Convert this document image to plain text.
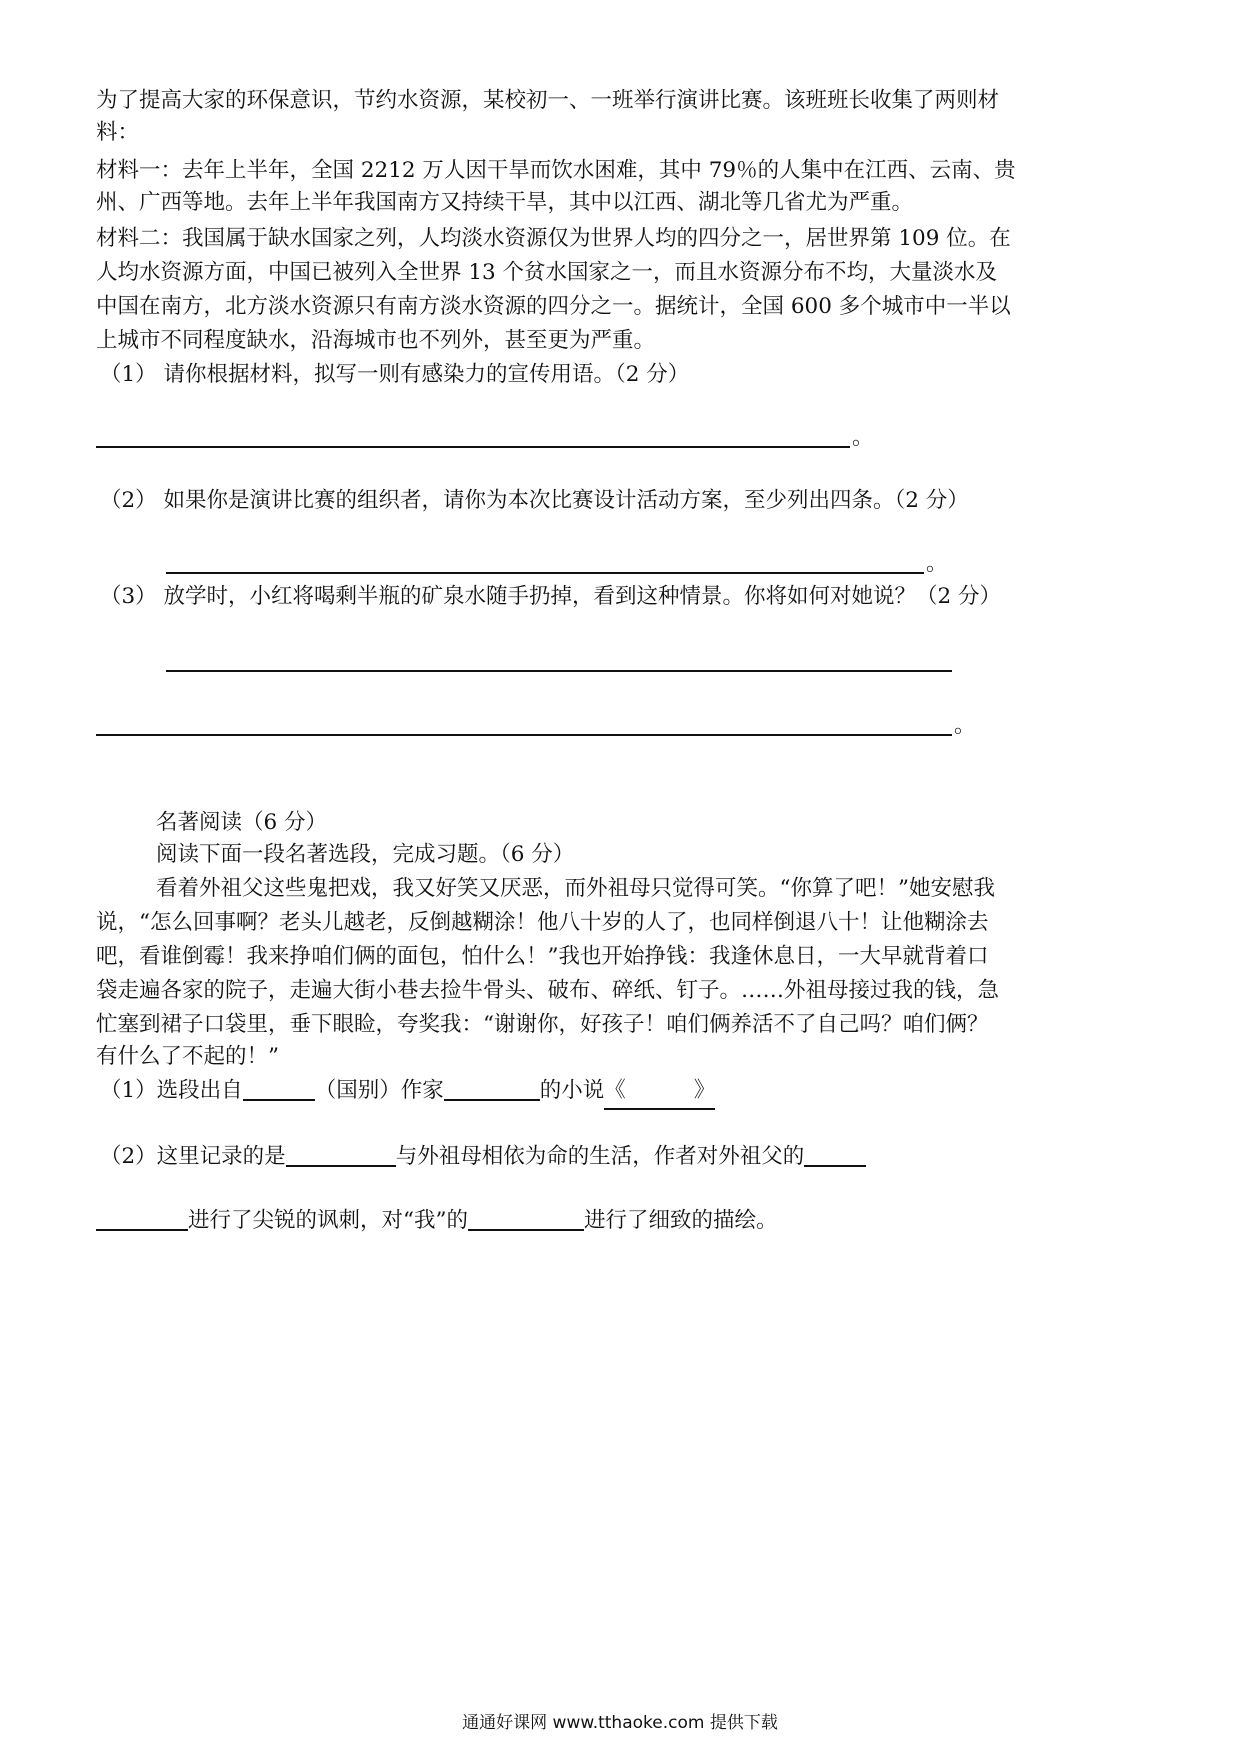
为了提高大家的环保意识，节约水资源，某校初一、一班举行演讲比赛。该班班长收集了两则材
料：
材料一：去年上半年，全国 2212 万人因干旱而饮水困难，其中 79％的人集中在江西、云南、贵
州、广西等地。去年上半年我国南方又持续干旱，其中以江西、湖北等几省尤为严重。
材料二：我国属于缺水国家之列，人均淡水资源仅为世界人均的四分之一，居世界第 109 位。在
人均水资源方面，中国已被列入全世界 13 个贫水国家之一，而且水资源分布不均，大量淡水及
中国在南方，北方淡水资源只有南方淡水资源的四分之一。据统计，全国 600 多个城市中一半以
上城市不同程度缺水，沿海城市也不列外，甚至更为严重。
（1） 请你根据材料，拟写一则有感染力的宣传用语。（2 分）
。
（2） 如果你是演讲比赛的组织者，请你为本次比赛设计活动方案，至少列出四条。（2 分）
。
（3） 放学时，小红将喝剩半瓶的矿泉水随手扔掉，看到这种情景。你将如何对她说？（2 分）
。
名著阅读（6 分）
阅读下面一段名著选段，完成习题。（6 分）
看着外祖父这些鬼把戏，我又好笑又厌恶，而外祖母只觉得可笑。“你算了吧！”她安慰我
说，“怎么回事啊？老头儿越老，反倒越糊涂！他八十岁的人了，也同样倒退八十！让他糊涂去
吧，看谁倒霉！我来挣咱们俩的面包，怕什么！”我也开始挣钱：我逢休息日，一大早就背着口
袋走遍各家的院子，走遍大街小巷去捡牛骨头、破布、碎纸、钉子。……外祖母接过我的钱，急
忙塞到裙子口袋里，垂下眼睑，夸奖我：“谢谢你，好孩子！咱们俩养活不了自己吗？咱们俩？
有什么了不起的！”
（1）选段出自	（国别）作家	的小说《	》
（2）这里记录的是	与外祖母相依为命的生活，作者对外祖父的
进行了尖锐的讽刺，对“我”的	进行了细致的描绘。
通通好课网 www.tthaoke.com 提供下载
